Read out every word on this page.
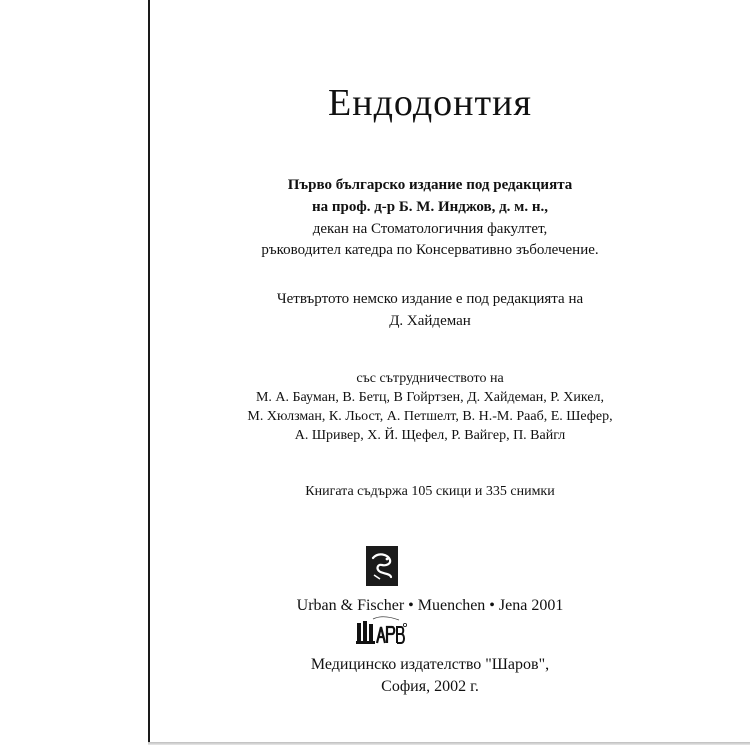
Ендодонтия
Първо българско издание под редакцията
на проф. д-р Б. М. Инджов, д. м. н.,
декан на Стоматологичния факултет,
ръководител катедра по Консервативно зъболечение.
Четвъртото немско издание е под редакцията на
Д. Хайдеман
със сътрудничеството на
М. А. Бауман, В. Бетц, В Гойртзен, Д. Хайдеман, Р. Хикел,
М. Хюлзман, К. Льост, А. Петшелт, В. Н.-М. Рааб, Е. Шефер,
А. Шривер, Х. Й. Щефел, Р. Вайгер, П. Вайгл
Книгата съдържа 105 скици и 335 снимки
Urban & Fischer • Muenchen • Jena 2001
Медицинско издателство "Шаров",
София, 2002 г.
